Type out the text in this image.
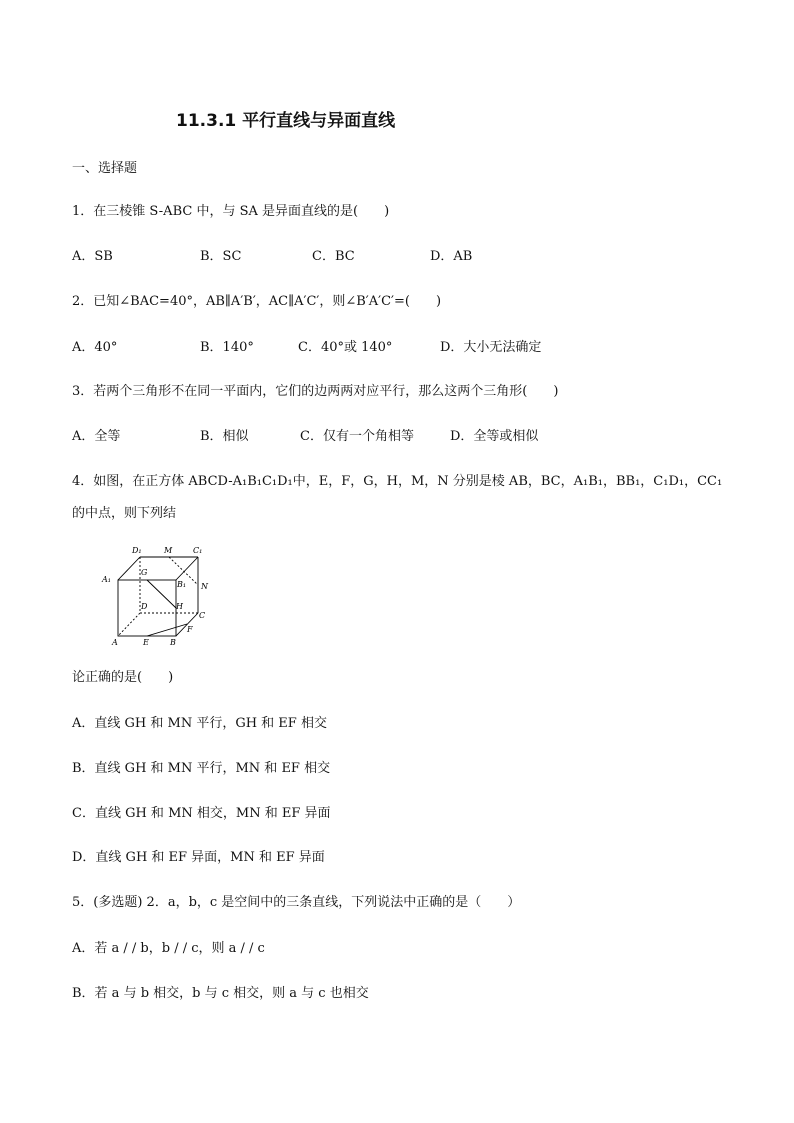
11.3.1 平行直线与异面直线
一、选择题
1．在三棱锥 S-ABC 中，与 SA 是异面直线的是(　　)
A．SB	B．SC	C．BC	D．AB
2．已知∠BAC=40°，AB∥A′B′，AC∥A′C′，则∠B′A′C′=(　　)
A．40°	B．140°	C．40°或 140°	D．大小无法确定
3．若两个三角形不在同一平面内，它们的边两两对应平行，那么这两个三角形(　　)
A．全等	B．相似	C．仅有一个角相等	D．全等或相似
4．如图，在正方体 ABCD-A₁B₁C₁D₁中，E，F，G，H，M，N 分别是棱 AB，BC，A₁B₁，BB₁，C₁D₁，CC₁
的中点，则下列结
D₁	M	C₁
A₁
G
B₁ N
D	H
C
F
A	E	B
论正确的是(　　)
A．直线 GH 和 MN 平行，GH 和 EF 相交
B．直线 GH 和 MN 平行，MN 和 EF 相交
C．直线 GH 和 MN 相交，MN 和 EF 异面
D．直线 GH 和 EF 异面，MN 和 EF 异面
5．(多选题) 2．a，b，c 是空间中的三条直线，下列说法中正确的是（　　）
A．若 a / / b，b / / c，则 a / / c
B．若 a 与 b 相交，b 与 c 相交，则 a 与 c 也相交
